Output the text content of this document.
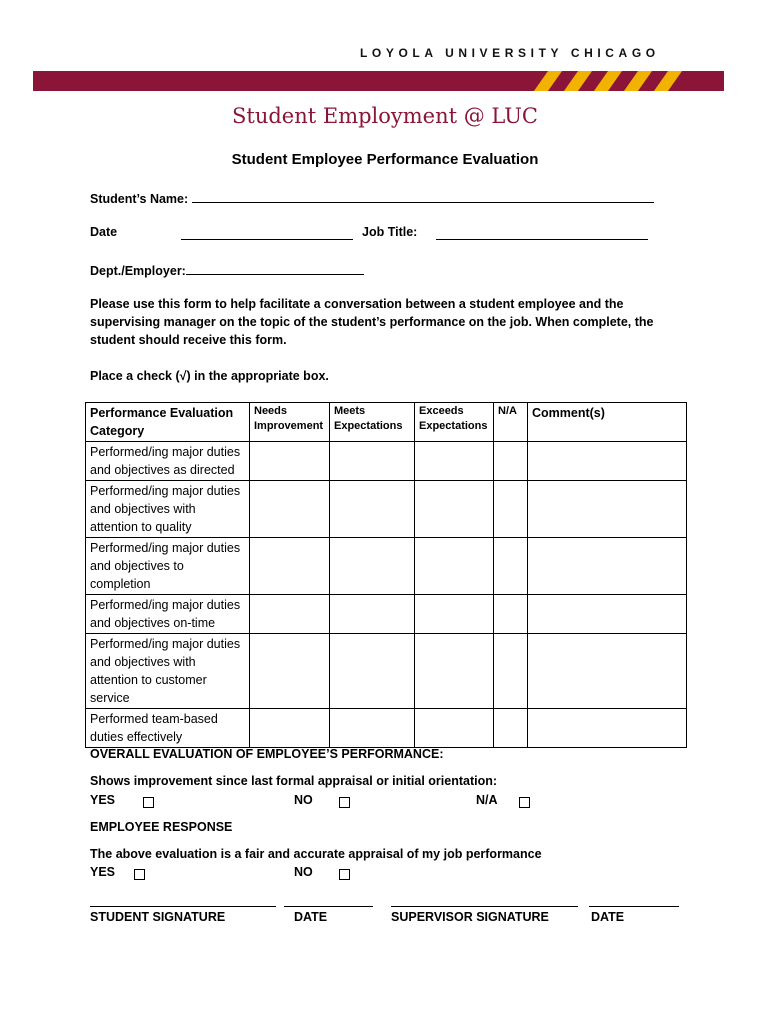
LOYOLA UNIVERSITY CHICAGO
Student Employment @ LUC
Student Employee Performance Evaluation
Student’s Name:
Date	Job Title:
Dept./Employer:
Please use this form to help facilitate a conversation between a student employee and the supervising manager on the topic of the student’s performance on the job. When complete, the student should receive this form.
Place a check (√) in the appropriate box.
Performance Evaluation Category	Needs Improvement	Meets Expectations	Exceeds Expectations	N/A	Comment(s)
Performed/ing major duties and objectives as directed					
Performed/ing major duties and objectives with attention to quality					
Performed/ing major duties and objectives to completion					
Performed/ing major duties and objectives on-time					
Performed/ing major duties and objectives with attention to customer service					
Performed team-based duties effectively					
OVERALL EVALUATION OF EMPLOYEE’S PERFORMANCE:
Shows improvement since last formal appraisal or initial orientation:
YES	NO	N/A
EMPLOYEE RESPONSE
The above evaluation is a fair and accurate appraisal of my job performance
YES	NO
STUDENT SIGNATURE	DATE	SUPERVISOR SIGNATURE	DATE
